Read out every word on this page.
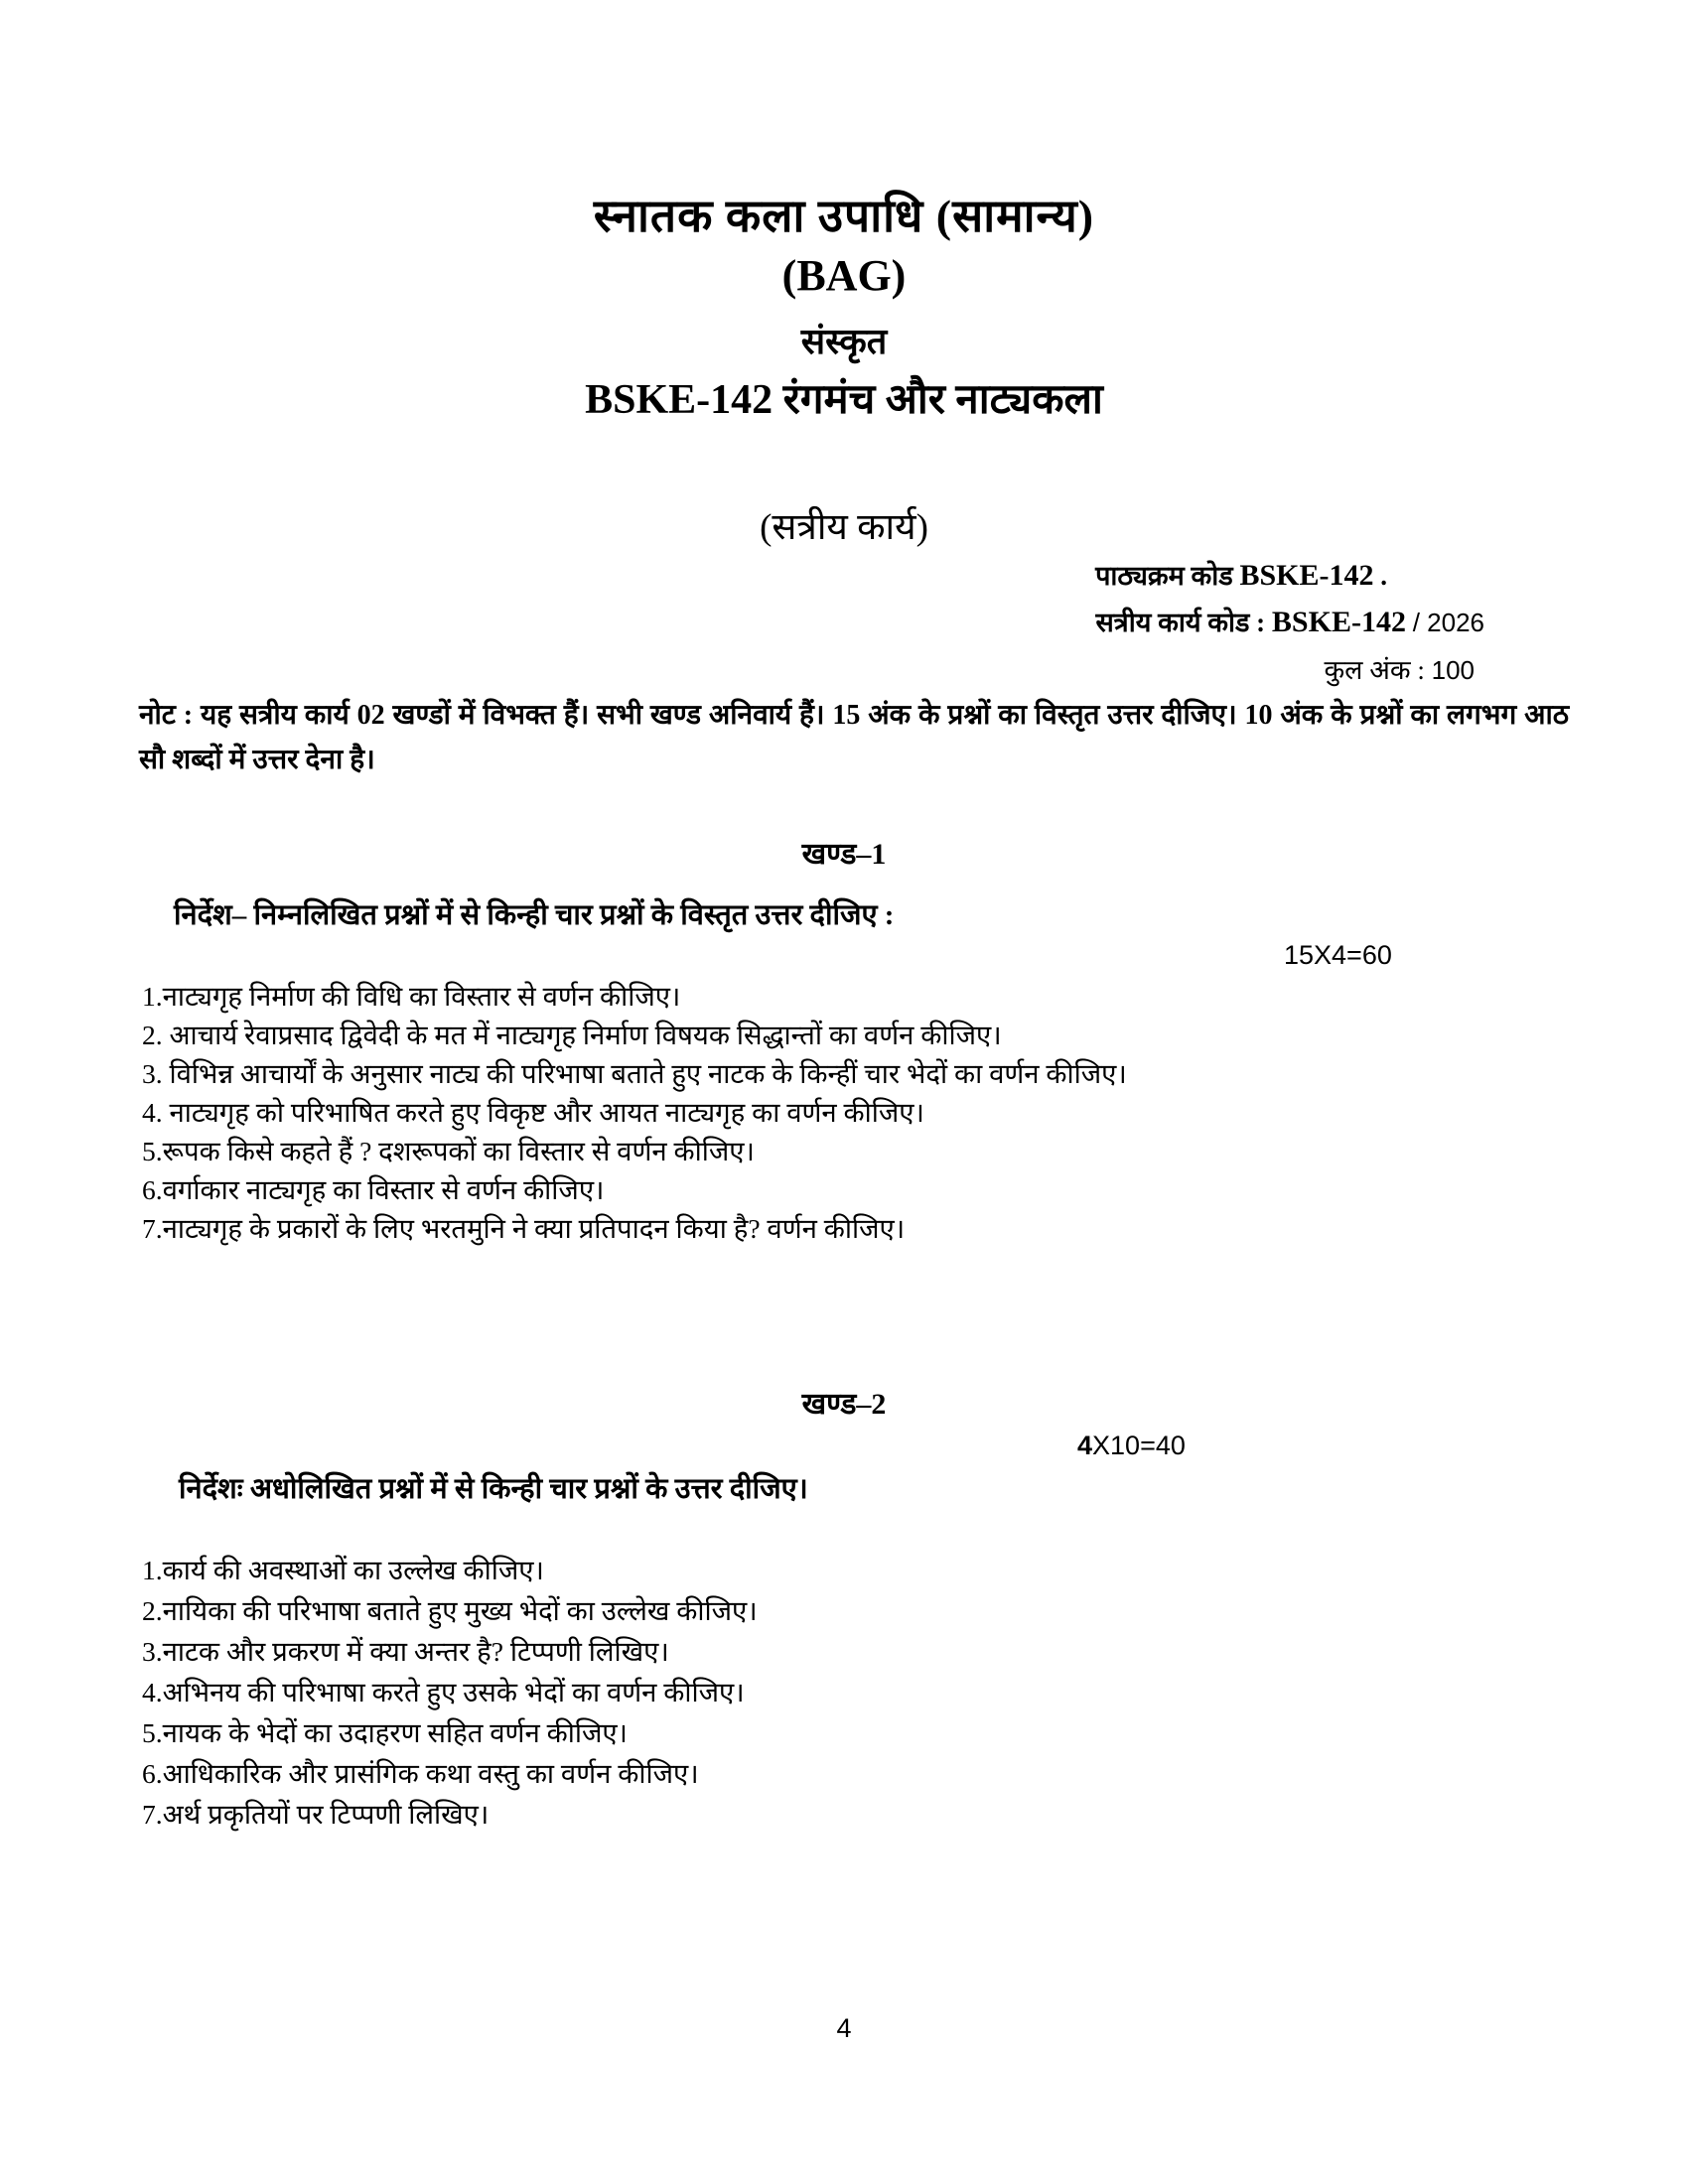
स्नातक कला उपाधि (सामान्य)
(BAG)
संस्कृत
BSKE-142 रंगमंच और नाट्यकला
(सत्रीय कार्य)
पाठ्यक्रम कोड BSKE-142 .
सत्रीय कार्य कोड : BSKE-142 / 2026
कुल अंक : 100
नोट : यह सत्रीय कार्य 02 खण्डों में विभक्त हैं। सभी खण्ड अनिवार्य हैं। 15 अंक के प्रश्नों का विस्तृत उत्तर दीजिए। 10 अंक के प्रश्नों का लगभग आठ सौ शब्दों में उत्तर देना है।
खण्ड–1
निर्देश– निम्नलिखित प्रश्नों में से किन्ही चार प्रश्नों के विस्तृत उत्तर दीजिए :
15X4=60

1.नाट्यगृह निर्माण की विधि का विस्तार से वर्णन कीजिए।

2. आचार्य रेवाप्रसाद द्विवेदी के मत में नाट्यगृह निर्माण विषयक सिद्धान्तों का वर्णन कीजिए।

3. विभिन्न आचार्यों के अनुसार नाट्य की परिभाषा बताते हुए नाटक के किन्हीं चार भेदों का वर्णन कीजिए।

4. नाट्यगृह को परिभाषित करते हुए विकृष्ट और आयत नाट्यगृह का वर्णन कीजिए।

5.रूपक किसे कहते हैं ? दशरूपकों का विस्तार से वर्णन कीजिए।

6.वर्गाकार नाट्यगृह का विस्तार से वर्णन कीजिए।

7.नाट्यगृह के प्रकारों के लिए भरतमुनि ने क्या प्रतिपादन किया है? वर्णन कीजिए।

खण्ड–2
4X10=40
निर्देशः अधोलिखित प्रश्नों में से किन्ही चार प्रश्नों के उत्तर दीजिए।

1.कार्य की अवस्थाओं का उल्लेख कीजिए।

2.नायिका की परिभाषा बताते हुए मुख्य भेदों का उल्लेख कीजिए।

3.नाटक और प्रकरण में क्या अन्तर है? टिप्पणी लिखिए।

4.अभिनय की परिभाषा करते हुए उसके भेदों का वर्णन कीजिए।

5.नायक के भेदों का उदाहरण सहित वर्णन कीजिए।

6.आधिकारिक और प्रासंगिक कथा वस्तु का वर्णन कीजिए।

7.अर्थ प्रकृतियों पर टिप्पणी लिखिए।

4
